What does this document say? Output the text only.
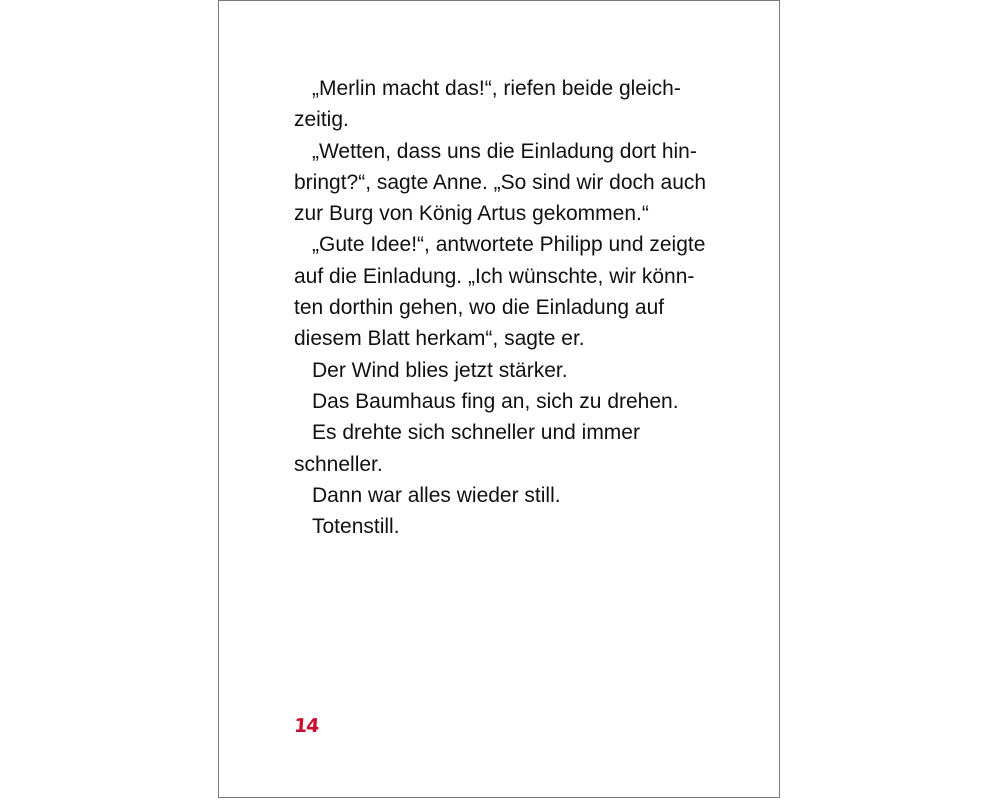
„Merlin macht das!“, riefen beide gleich-
zeitig.
„Wetten, dass uns die Einladung dort hin-
bringt?“, sagte Anne. „So sind wir doch auch
zur Burg von König Artus gekommen.“
„Gute Idee!“, antwortete Philipp und zeigte
auf die Einladung. „Ich wünschte, wir könn-
ten dorthin gehen, wo die Einladung auf
diesem Blatt herkam“, sagte er.
Der Wind blies jetzt stärker.
Das Baumhaus fing an, sich zu drehen.
Es drehte sich schneller und immer
schneller.
Dann war alles wieder still.
Totenstill.
14
